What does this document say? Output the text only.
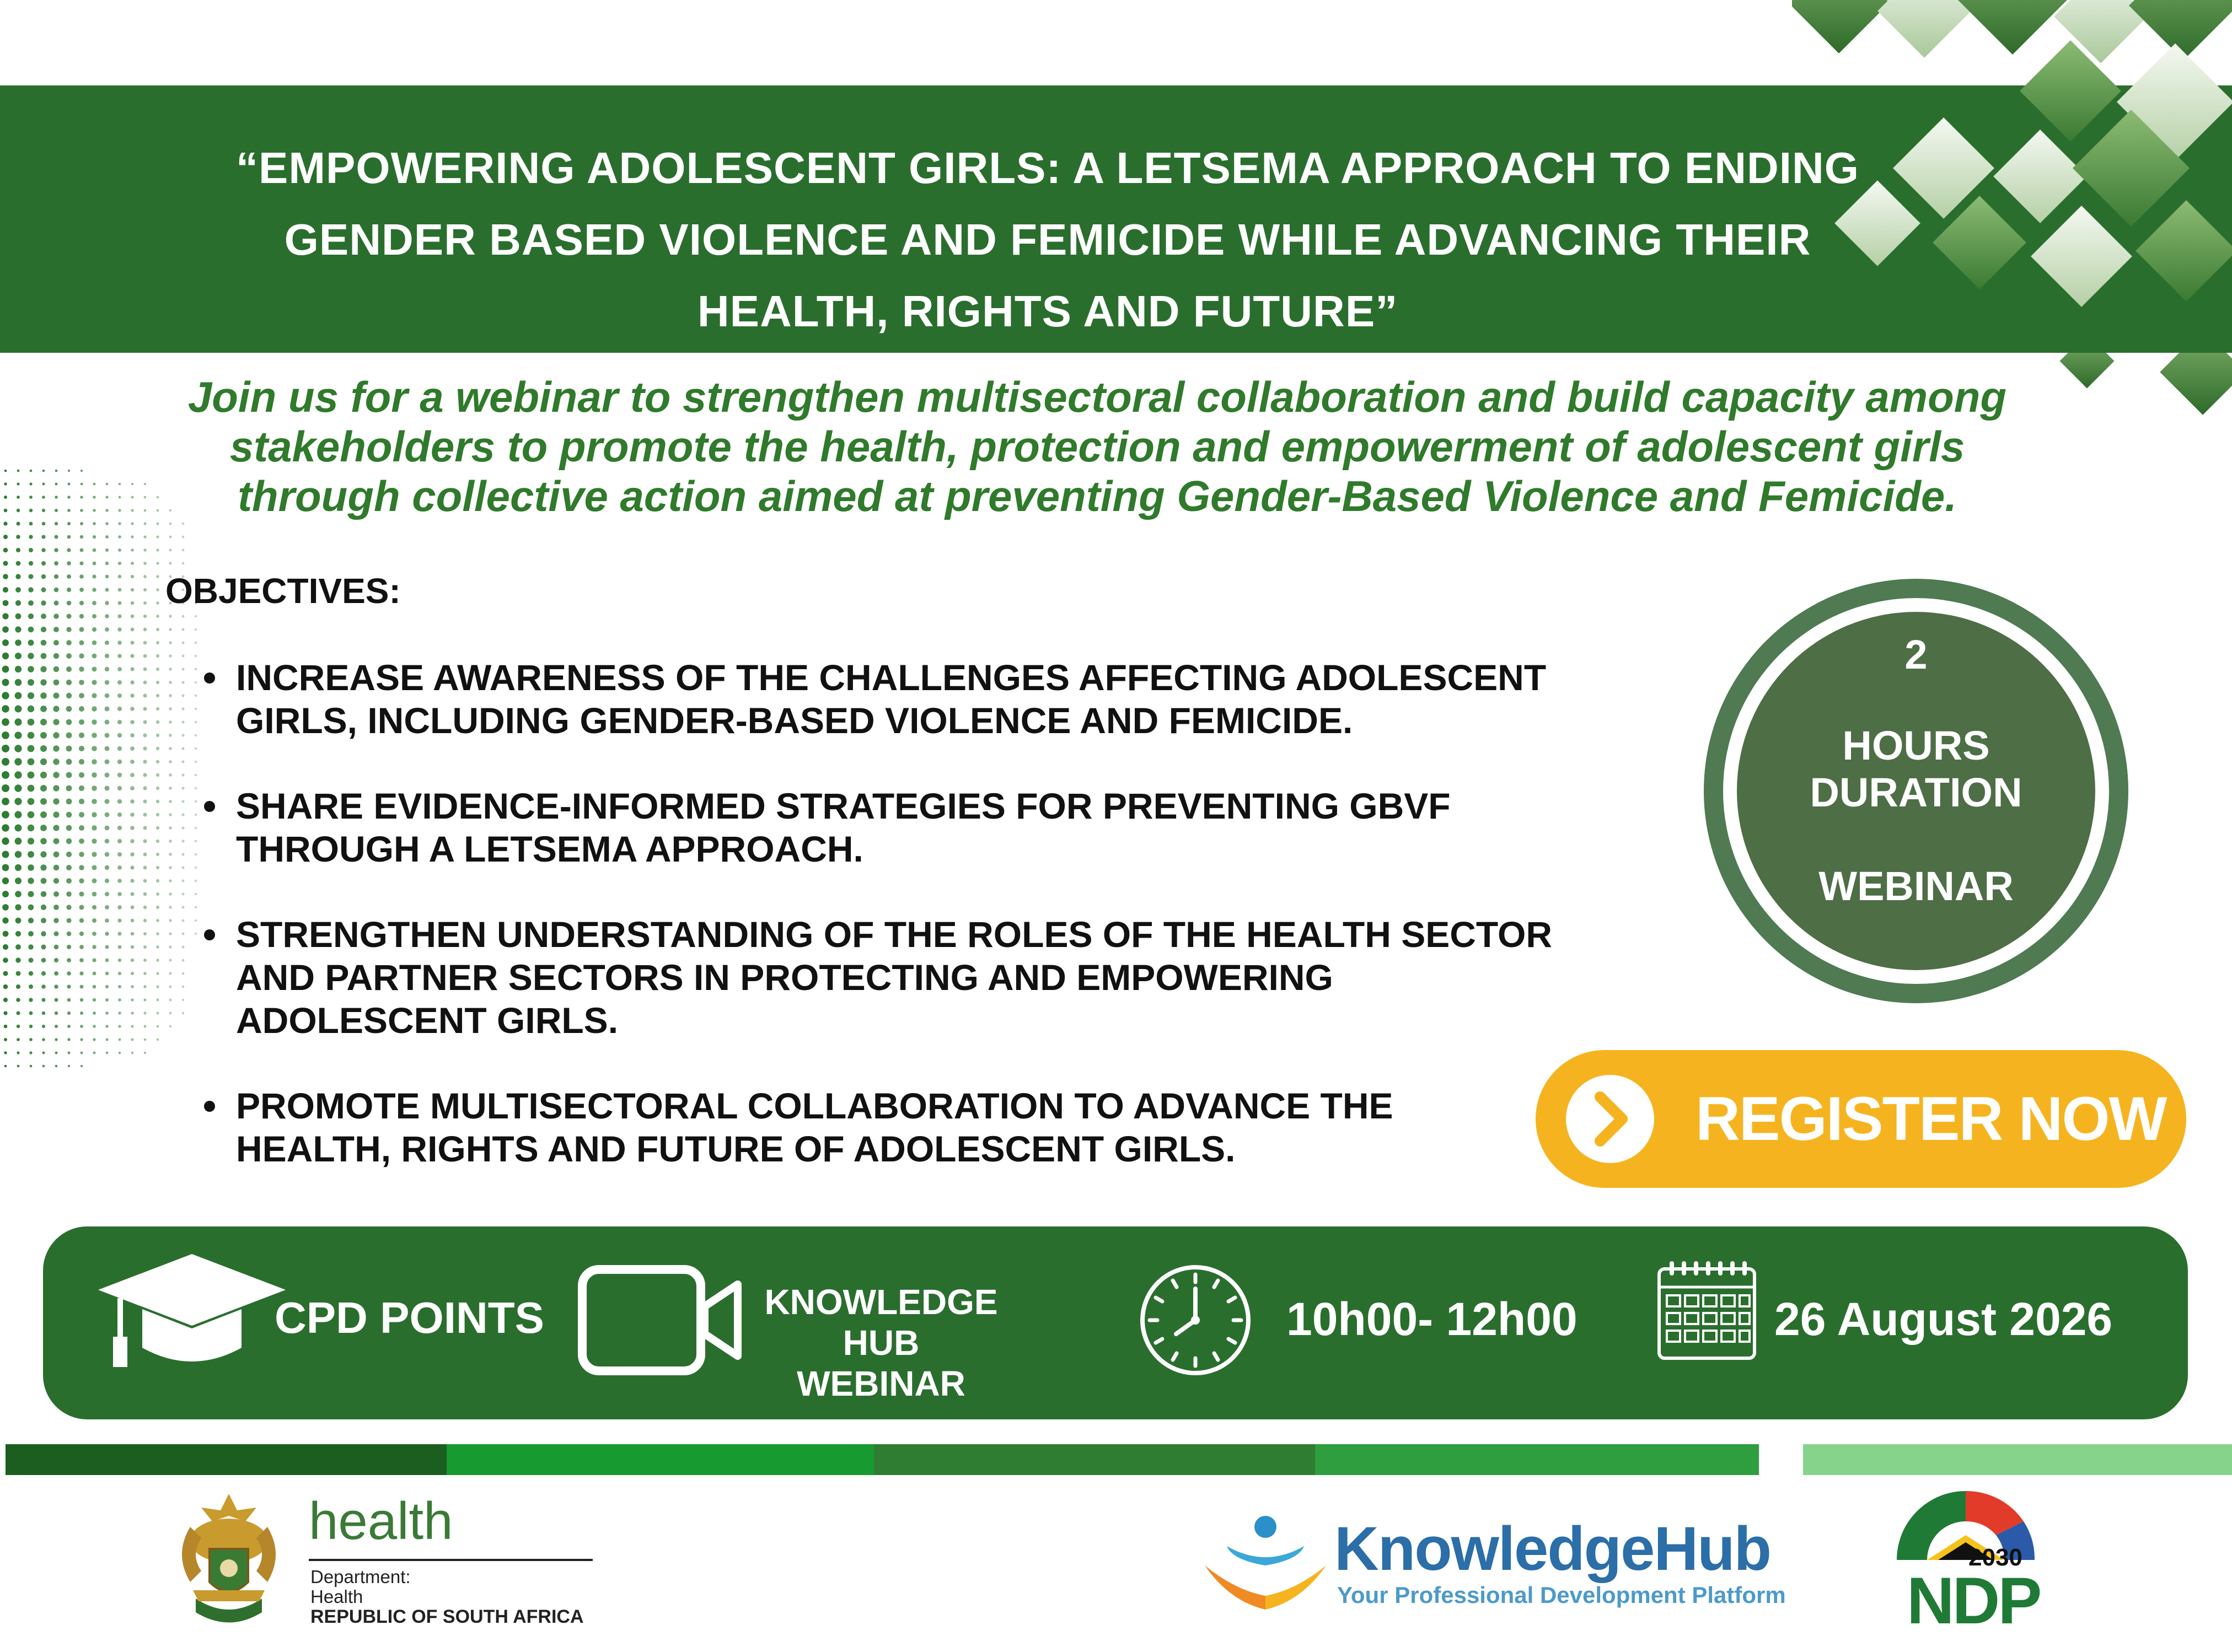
“EMPOWERING ADOLESCENT GIRLS: A LETSEMA APPROACH TO ENDING
GENDER BASED VIOLENCE AND FEMICIDE WHILE ADVANCING THEIR
HEALTH, RIGHTS AND FUTURE”
Join us for a webinar to strengthen multisectoral collaboration and build capacity among
stakeholders to promote the health, protection and empowerment of adolescent girls
through collective action aimed at preventing Gender-Based Violence and Femicide.
OBJECTIVES:
INCREASE AWARENESS OF THE CHALLENGES AFFECTING ADOLESCENT
GIRLS, INCLUDING GENDER-BASED VIOLENCE AND FEMICIDE.
SHARE EVIDENCE-INFORMED STRATEGIES FOR PREVENTING GBVF
THROUGH A LETSEMA APPROACH.
STRENGTHEN UNDERSTANDING OF THE ROLES OF THE HEALTH SECTOR
AND PARTNER SECTORS IN PROTECTING AND EMPOWERING
ADOLESCENT GIRLS.
PROMOTE MULTISECTORAL COLLABORATION TO ADVANCE THE
HEALTH, RIGHTS AND FUTURE OF ADOLESCENT GIRLS.
2
HOURS
DURATION
WEBINAR
REGISTER NOW
CPD POINTS	KNOWLEDGE HUB
WEBINAR
10h00- 12h00	26 August 2026
health
Department:
Health
REPUBLIC OF SOUTH AFRICA
KnowledgeHub
Your Professional Development Platform
2030
NDP
